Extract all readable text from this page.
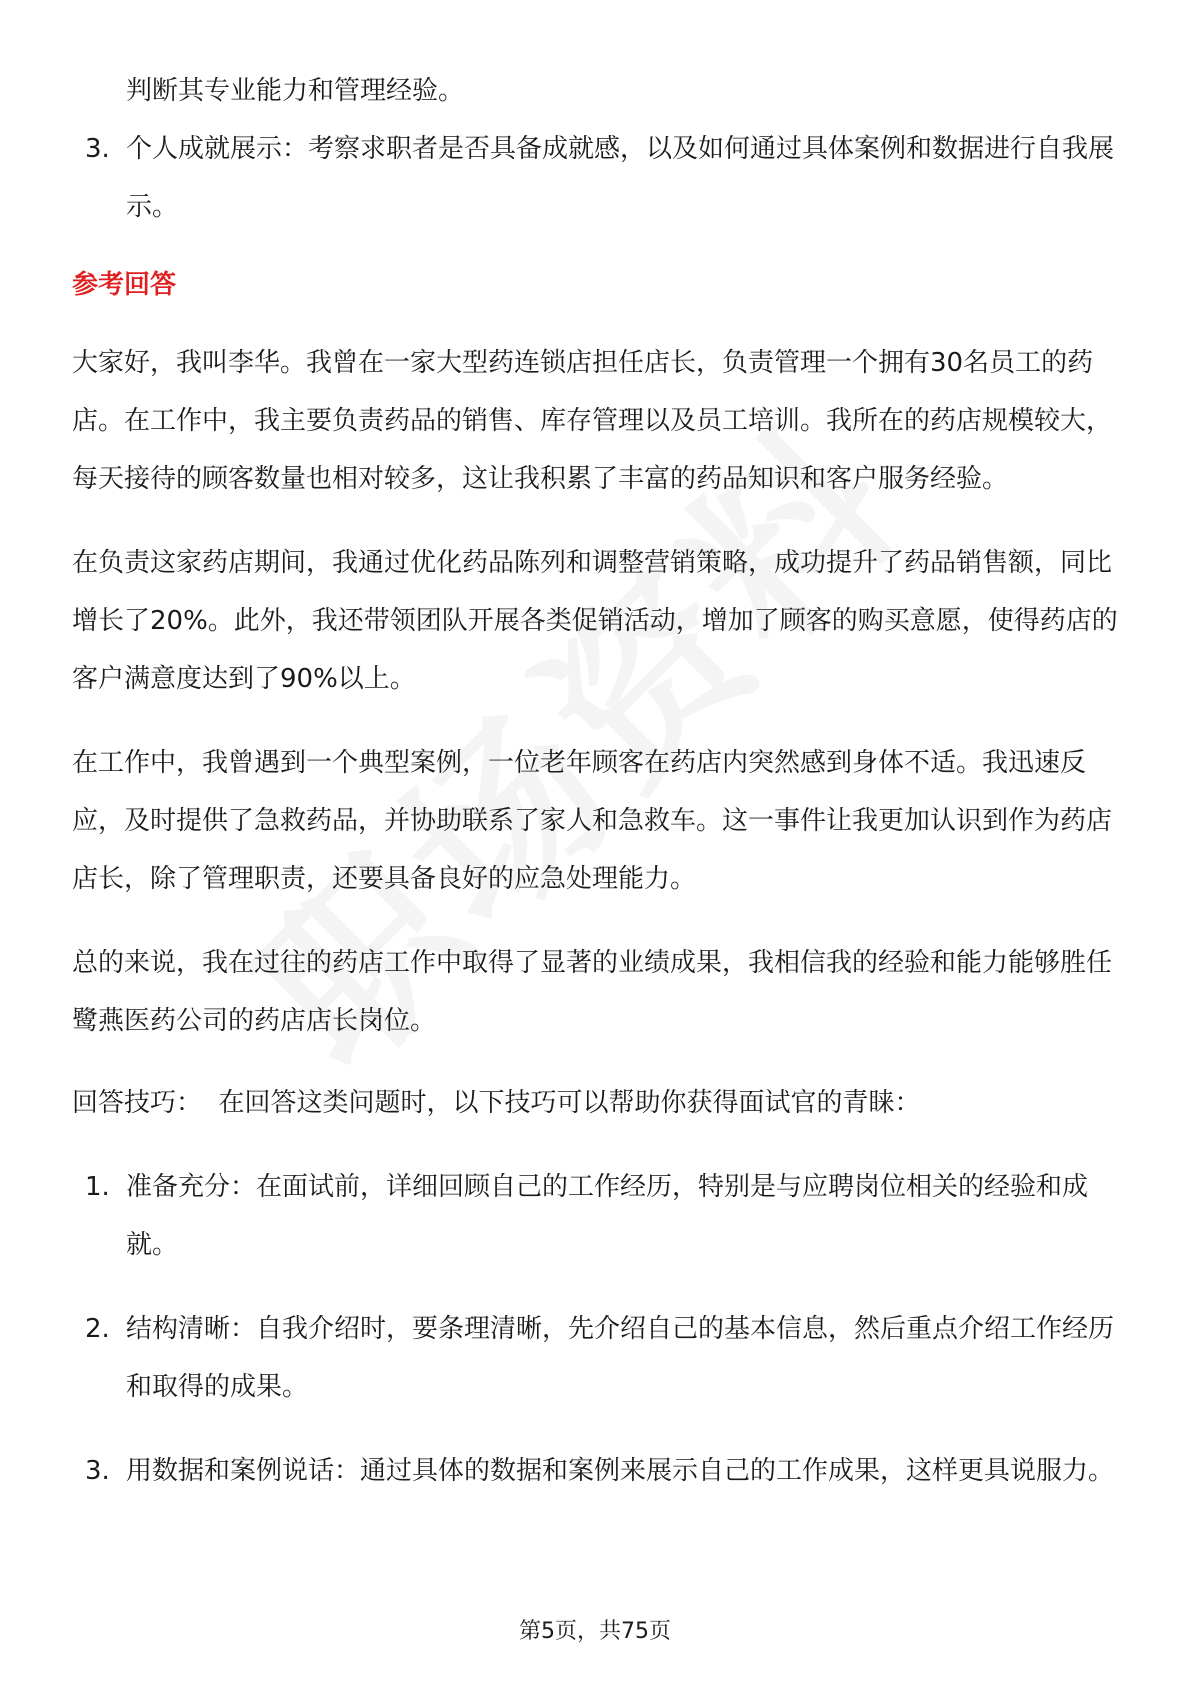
判断其专业能力和管理经验。

3. 个人成就展示：考察求职者是否具备成就感，以及如何通过具体案例和数据进行自我展示。

参考回答

大家好，我叫李华。我曾在一家大型药连锁店担任店长，负责管理一个拥有30名员工的药店。在工作中，我主要负责药品的销售、库存管理以及员工培训。我所在的药店规模较大，每天接待的顾客数量也相对较多，这让我积累了丰富的药品知识和客户服务经验。

在负责这家药店期间，我通过优化药品陈列和调整营销策略，成功提升了药品销售额，同比增长了20%。此外，我还带领团队开展各类促销活动，增加了顾客的购买意愿，使得药店的客户满意度达到了90%以上。

在工作中，我曾遇到一个典型案例，一位老年顾客在药店内突然感到身体不适。我迅速反应，及时提供了急救药品，并协助联系了家人和急救车。这一事件让我更加认识到作为药店店长，除了管理职责，还要具备良好的应急处理能力。

总的来说，我在过往的药店工作中取得了显著的业绩成果，我相信我的经验和能力能够胜任鹭燕医药公司的药店店长岗位。

回答技巧：  在回答这类问题时，以下技巧可以帮助你获得面试官的青睐：

1. 准备充分：在面试前，详细回顾自己的工作经历，特别是与应聘岗位相关的经验和成就。
2. 结构清晰：自我介绍时，要条理清晰，先介绍自己的基本信息，然后重点介绍工作经历和取得的成果。
3. 用数据和案例说话：通过具体的数据和案例来展示自己的工作成果，这样更具说服力。
第5页，共75页
